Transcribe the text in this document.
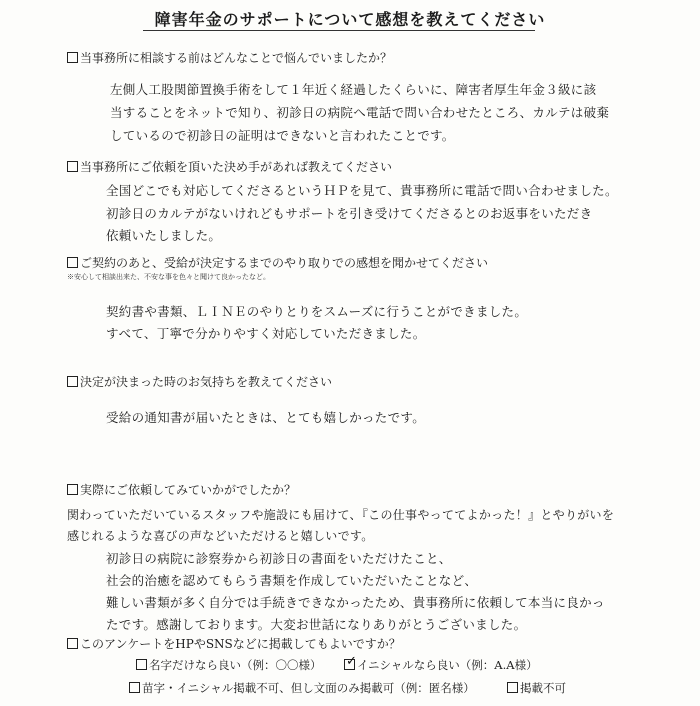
障害年金のサポートについて感想を教えてください
当事務所に相談する前はどんなことで悩んでいましたか？
左側人工股関節置換手術をして１年近く経過したくらいに、障害者厚生年金３級に該
当することをネットで知り、初診日の病院へ電話で問い合わせたところ、カルテは破棄
しているので初診日の証明はできないと言われたことです。
当事務所にご依頼を頂いた決め手があれば教えてください
全国どこでも対応してくださるというＨＰを見て、貴事務所に電話で問い合わせました。
初診日のカルテがないけれどもサポートを引き受けてくださるとのお返事をいただき
依頼いたしました。
ご契約のあと、受給が決定するまでのやり取りでの感想を聞かせてください
※安心して相談出来た、不安な事を色々と聞けて良かったなど。
契約書や書類、ＬＩＮＥのやりとりをスムーズに行うことができました。
すべて、丁寧で分かりやすく対応していただきました。
決定が決まった時のお気持ちを教えてください
受給の通知書が届いたときは、とても嬉しかったです。
実際にご依頼してみていかがでしたか？
関わっていただいているスタッフや施設にも届けて、『この仕事やっててよかった！』とやりがいを
感じれるような喜びの声などいただけると嬉しいです。
初診日の病院に診察券から初診日の書面をいただけたこと、
社会的治癒を認めてもらう書類を作成していただいたことなど、
難しい書類が多く自分では手続きできなかったため、貴事務所に依頼して本当に良かっ
たです。感謝しております。大変お世話になりありがとうございました。
このアンケートをHPやSNSなどに掲載してもよいですか？
名字だけなら良い（例：〇〇様） ✓ イニシャルなら良い（例：A.A様）
苗字・イニシャル掲載不可、但し文面のみ掲載可（例：匿名様）	掲載不可
